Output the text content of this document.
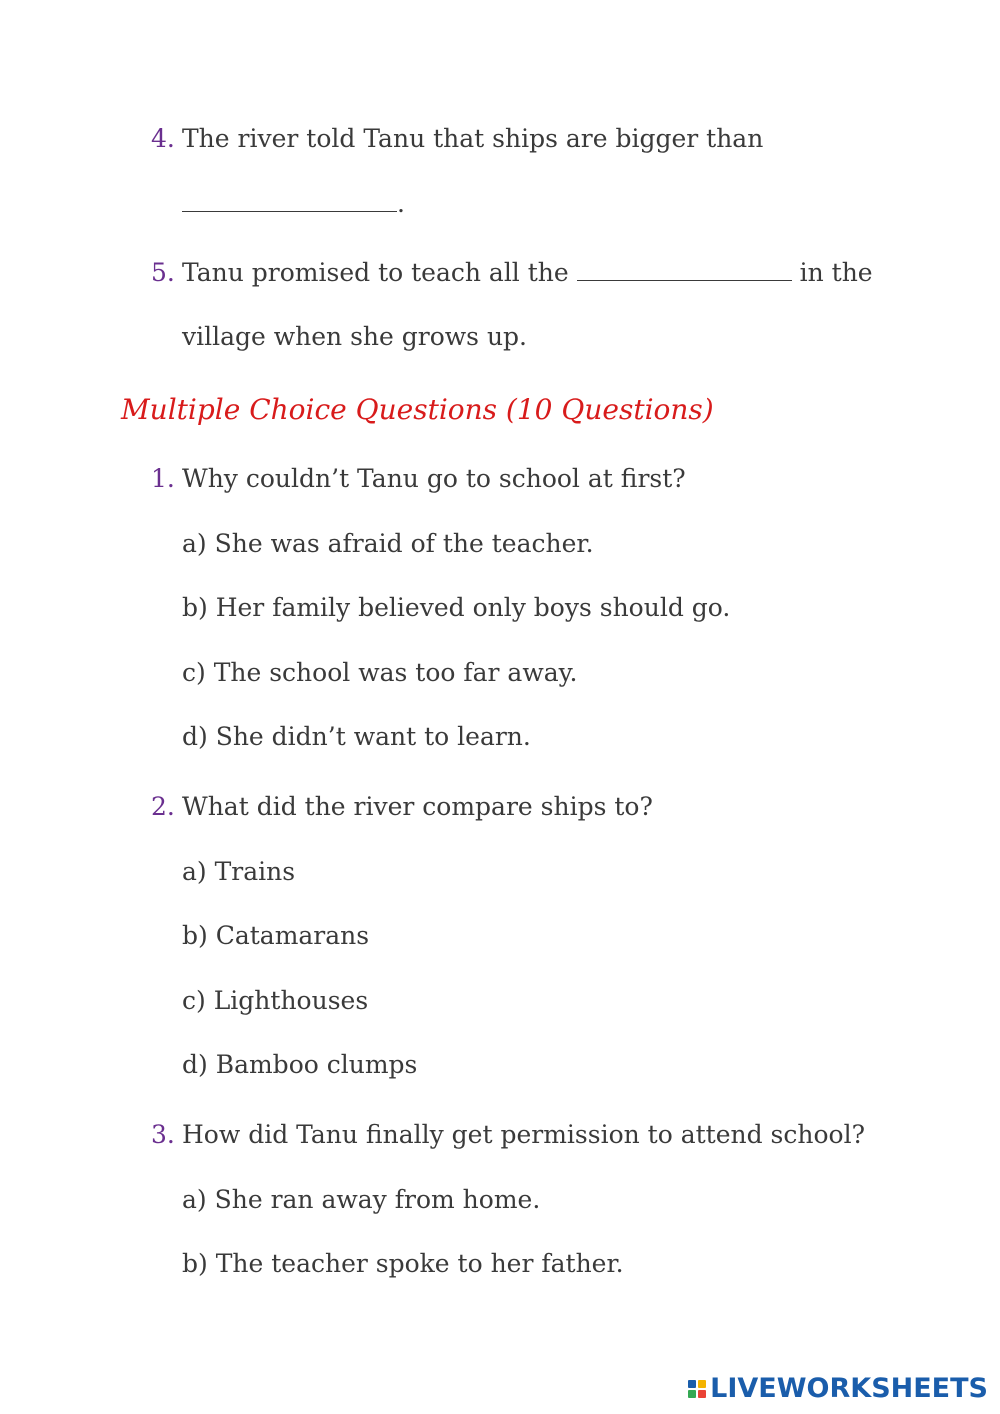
4. The river told Tanu that ships are bigger than
.
5. Tanu promised to teach all the	in the
village when she grows up.
Multiple Choice Questions (10 Questions)
1. Why couldn’t Tanu go to school at first?
a) She was afraid of the teacher.
b) Her family believed only boys should go.
c) The school was too far away.
d) She didn’t want to learn.
2. What did the river compare ships to?
a) Trains
b) Catamarans
c) Lighthouses
d) Bamboo clumps
3. How did Tanu finally get permission to attend school?
a) She ran away from home.
b) The teacher spoke to her father.
LIVEWORKSHEETS
